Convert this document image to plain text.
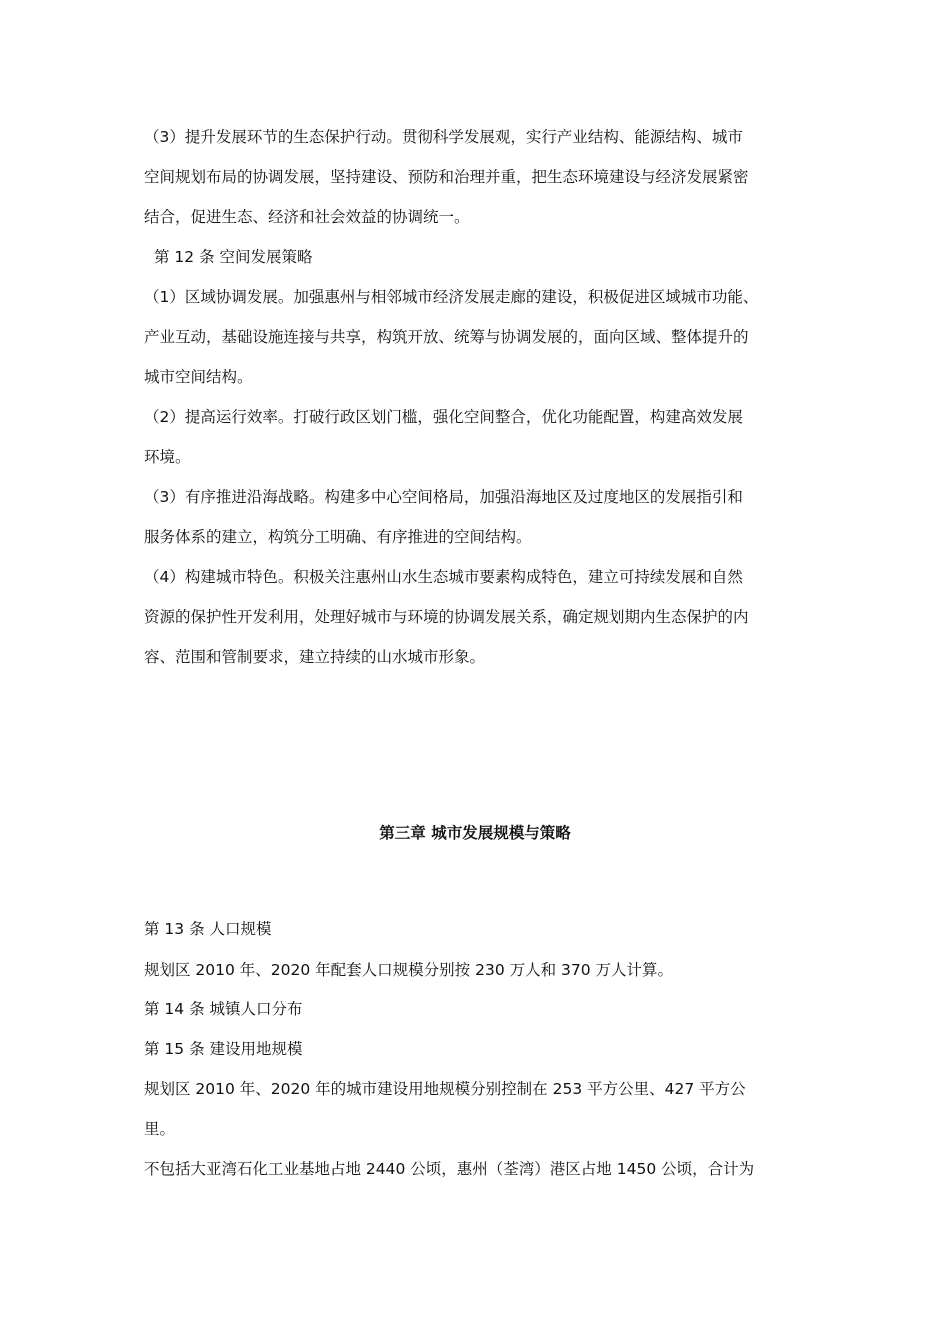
（3）提升发展环节的生态保护行动。贯彻科学发展观，实行产业结构、能源结构、城市
空间规划布局的协调发展，坚持建设、预防和治理并重，把生态环境建设与经济发展紧密
结合，促进生态、经济和社会效益的协调统一。
第 12 条 空间发展策略
（1）区域协调发展。加强惠州与相邻城市经济发展走廊的建设，积极促进区域城市功能、
产业互动，基础设施连接与共享，构筑开放、统筹与协调发展的，面向区域、整体提升的
城市空间结构。
（2）提高运行效率。打破行政区划门槛，强化空间整合，优化功能配置，构建高效发展
环境。
（3）有序推进沿海战略。构建多中心空间格局，加强沿海地区及过度地区的发展指引和
服务体系的建立，构筑分工明确、有序推进的空间结构。
（4）构建城市特色。积极关注惠州山水生态城市要素构成特色，建立可持续发展和自然
资源的保护性开发利用，处理好城市与环境的协调发展关系，确定规划期内生态保护的内
容、范围和管制要求，建立持续的山水城市形象。
第三章 城市发展规模与策略
第 13 条 人口规模
规划区 2010 年、2020 年配套人口规模分别按 230 万人和 370 万人计算。
第 14 条 城镇人口分布
第 15 条 建设用地规模
规划区 2010 年、2020 年的城市建设用地规模分别控制在 253 平方公里、427 平方公
里。
不包括大亚湾石化工业基地占地 2440 公顷，惠州（荃湾）港区占地 1450 公顷，合计为
